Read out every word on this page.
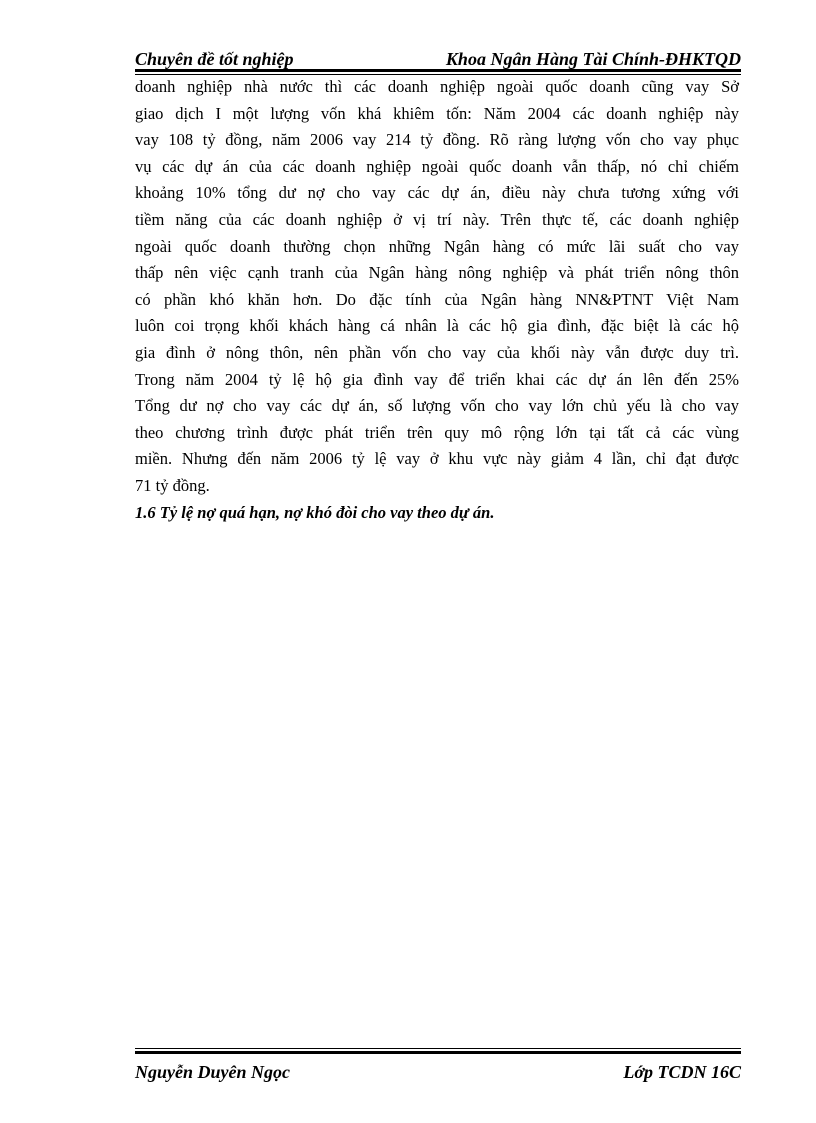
Chuyên đề tốt nghiệp	Khoa Ngân Hàng Tài Chính-ĐHKTQD
doanh nghiệp nhà nước thì các doanh nghiệp ngoài quốc doanh cũng vay Sở
giao dịch I một lượng vốn khá khiêm tốn: Năm 2004 các doanh nghiệp này
vay 108 tỷ đồng, năm 2006 vay 214 tỷ đồng. Rõ ràng lượng vốn cho vay phục
vụ các dự án của các doanh nghiệp ngoài quốc doanh vẫn thấp, nó chỉ chiếm
khoảng 10% tổng dư nợ cho vay các dự án, điều này chưa tương xứng với
tiềm năng của các doanh nghiệp ở vị trí này. Trên thực tế, các doanh nghiệp
ngoài quốc doanh thường chọn những Ngân hàng có mức lãi suất cho vay
thấp nên việc cạnh tranh của Ngân hàng nông nghiệp và phát triển nông thôn
có phần khó khăn hơn. Do đặc tính của Ngân hàng NN&PTNT Việt Nam
luôn coi trọng khối khách hàng cá nhân là các hộ gia đình, đặc biệt là các hộ
gia đình ở nông thôn, nên phần vốn cho vay của khối này vẫn được duy trì.
Trong năm 2004 tỷ lệ hộ gia đình vay để triển khai các dự án lên đến 25%
Tổng dư nợ cho vay các dự án, số lượng vốn cho vay lớn chủ yếu là cho vay
theo chương trình được phát triển trên quy mô rộng lớn tại tất cả các vùng
miền. Nhưng đến năm 2006 tỷ lệ vay ở khu vực này giảm 4 lần, chỉ đạt được
71 tỷ đồng.
1.6 Tỷ lệ nợ quá hạn, nợ khó đòi cho vay theo dự án.
Nguyễn Duyên Ngọc	Lớp TCDN 16C
